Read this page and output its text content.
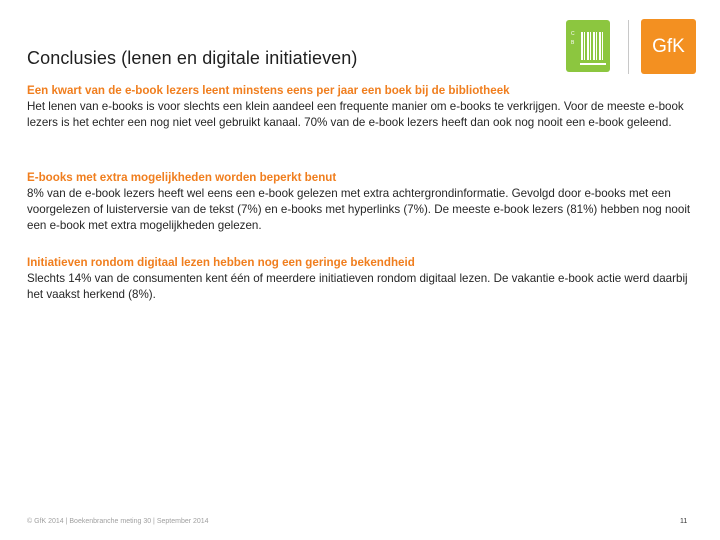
Conclusies (lenen en digitale initiatieven)
C B	GfK
Een kwart van de e-book lezers leent minstens eens per jaar een boek bij de bibliotheek
Het lenen van e-books is voor slechts een klein aandeel een frequente manier om e-books te verkrijgen. Voor de meeste e-book lezers is het echter een nog niet veel gebruikt kanaal. 70% van de e-book lezers heeft dan ook nog nooit een e-book geleend.
E-books met extra mogelijkheden worden beperkt benut
8% van de e-book lezers heeft wel eens een e-book gelezen met extra achtergrondinformatie. Gevolgd door e-books met een voorgelezen of luisterversie van de tekst (7%) en e-books met hyperlinks (7%). De meeste e-book lezers (81%) hebben nog nooit een e-book met extra mogelijkheden gelezen.
Initiatieven rondom digitaal lezen hebben nog een geringe bekendheid
Slechts 14% van de consumenten kent één of meerdere initiatieven rondom digitaal lezen. De vakantie e-book actie werd daarbij het vaakst herkend (8%).
© GfK 2014 | Boekenbranche meting 30 | September 2014	11
